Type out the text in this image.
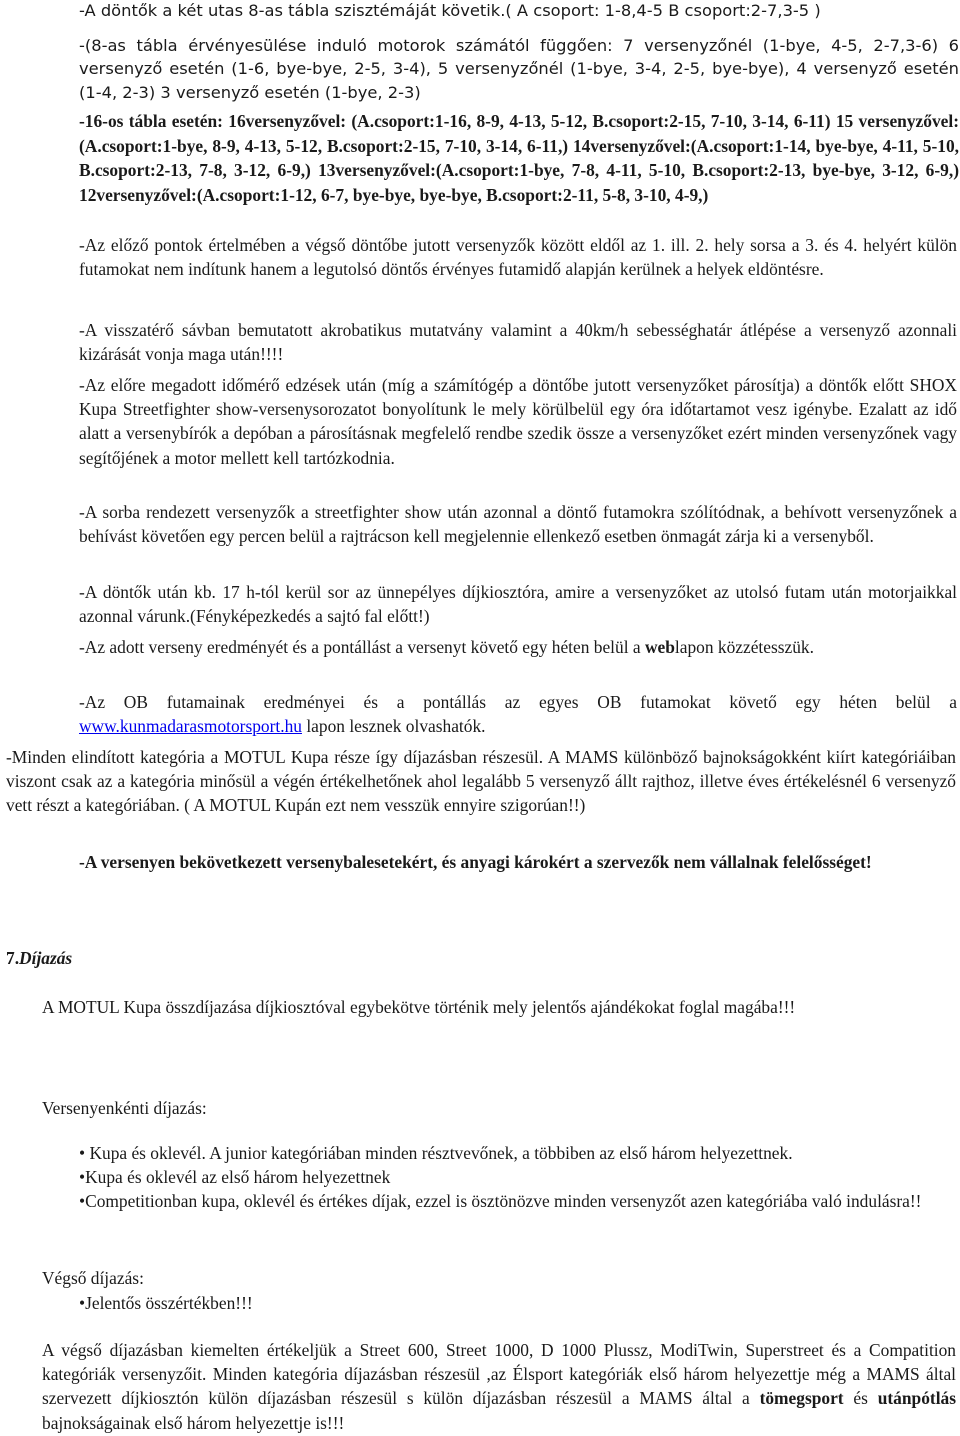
-A döntők a két utas 8-as tábla szisztémáját követik.( A csoport: 1-8,4-5 B csoport:2-7,3-5 )

-(8-as tábla érvényesülése induló motorok számától függően: 7 versenyzőnél (1-bye, 4-5, 2-7,3-6) 6 versenyző esetén (1-6, bye-bye, 2-5, 3-4), 5 versenyzőnél (1-bye, 3-4, 2-5, bye-bye), 4 versenyző esetén (1-4, 2-3) 3 versenyző esetén (1-bye, 2-3)

-16-os tábla esetén: 16versenyzővel: (A.csoport:1-16, 8-9, 4-13, 5-12, B.csoport:2-15, 7-10, 3-14, 6-11) 15 versenyzővel:(A.csoport:1-bye, 8-9, 4-13, 5-12, B.csoport:2-15, 7-10, 3-14, 6-11,) 14versenyzővel:(A.csoport:1-14, bye-bye, 4-11, 5-10, B.csoport:2-13, 7-8, 3-12, 6-9,) 13versenyzővel:(A.csoport:1-bye, 7-8, 4-11, 5-10, B.csoport:2-13, bye-bye, 3-12, 6-9,) 12versenyzővel:(A.csoport:1-12, 6-7, bye-bye, bye-bye, B.csoport:2-11, 5-8, 3-10, 4-9,)

-Az előző pontok értelmében a végső döntőbe jutott versenyzők között eldől az 1. ill. 2. hely sorsa a 3. és 4. helyért külön futamokat nem indítunk hanem a legutolsó döntős érvényes futamidő alapján kerülnek a helyek eldöntésre.

-A visszatérő sávban bemutatott akrobatikus mutatvány valamint a 40km/h sebességhatár átlépése a versenyző azonnali kizárását vonja maga után!!!!

-Az előre megadott időmérő edzések után (míg a számítógép a döntőbe jutott versenyzőket párosítja) a döntők előtt SHOX Kupa Streetfighter show-versenysorozatot bonyolítunk le mely körülbelül egy óra időtartamot vesz igénybe. Ezalatt az idő alatt a versenybírók a depóban a párosításnak megfelelő rendbe szedik össze a versenyzőket ezért minden versenyzőnek vagy segítőjének a motor mellett kell tartózkodnia.

-A sorba rendezett versenyzők a streetfighter show után azonnal a döntő futamokra szólítódnak, a behívott versenyzőnek a behívást követően egy percen belül a rajtrácson kell megjelennie ellenkező esetben önmagát zárja ki a versenyből.

-A döntők után kb. 17 h-tól kerül sor az ünnepélyes díjkiosztóra, amire a versenyzőket az utolsó futam után motorjaikkal azonnal várunk.(Fényképezkedés a sajtó fal előtt!)

-Az adott verseny eredményét és a pontállást a versenyt követő egy héten belül a weblapon közzétesszük.

-Az OB futamainak eredményei és a pontállás az egyes OB futamokat követő egy héten belül a www.kunmadarasmotorsport.hu lapon lesznek olvashatók.

-Minden elindított kategória a MOTUL Kupa része így díjazásban részesül. A MAMS különböző bajnokságokként kiírt kategóriáiban viszont csak az a kategória minősül a végén értékelhetőnek ahol legalább 5 versenyző állt rajthoz, illetve éves értékelésnél 6 versenyző vett részt a kategóriában. ( A MOTUL Kupán ezt nem vesszük ennyire szigorúan!!)

-A versenyen bekövetkezett versenybalesetekért, és anyagi károkért a szervezők nem vállalnak felelősséget!

7.Díjazás

A MOTUL Kupa összdíjazása díjkiosztóval egybekötve történik mely jelentős ajándékokat foglal magába!!!

Versenyenkénti díjazás:

• Kupa és oklevél. A junior kategóriában minden résztvevőnek, a többiben az első három helyezettnek.
•Kupa és oklevél az első három helyezettnek
•Competitionban kupa, oklevél és értékes díjak, ezzel is ösztönözve minden versenyzőt azen kategóriába való indulásra!!

Végső díjazás:

•Jelentős összértékben!!!

A végső díjazásban kiemelten értékeljük a Street 600, Street 1000, D 1000 Plussz, ModiTwin, Superstreet és a Compatition kategóriák versenyzőit. Minden kategória díjazásban részesül ,az Élsport kategóriák első három helyezettje még a MAMS által szervezett díjkiosztón külön díjazásban részesül s külön díjazásban részesül a MAMS által a tömegsport és utánpótlás bajnokságainak első három helyezettje is!!!
